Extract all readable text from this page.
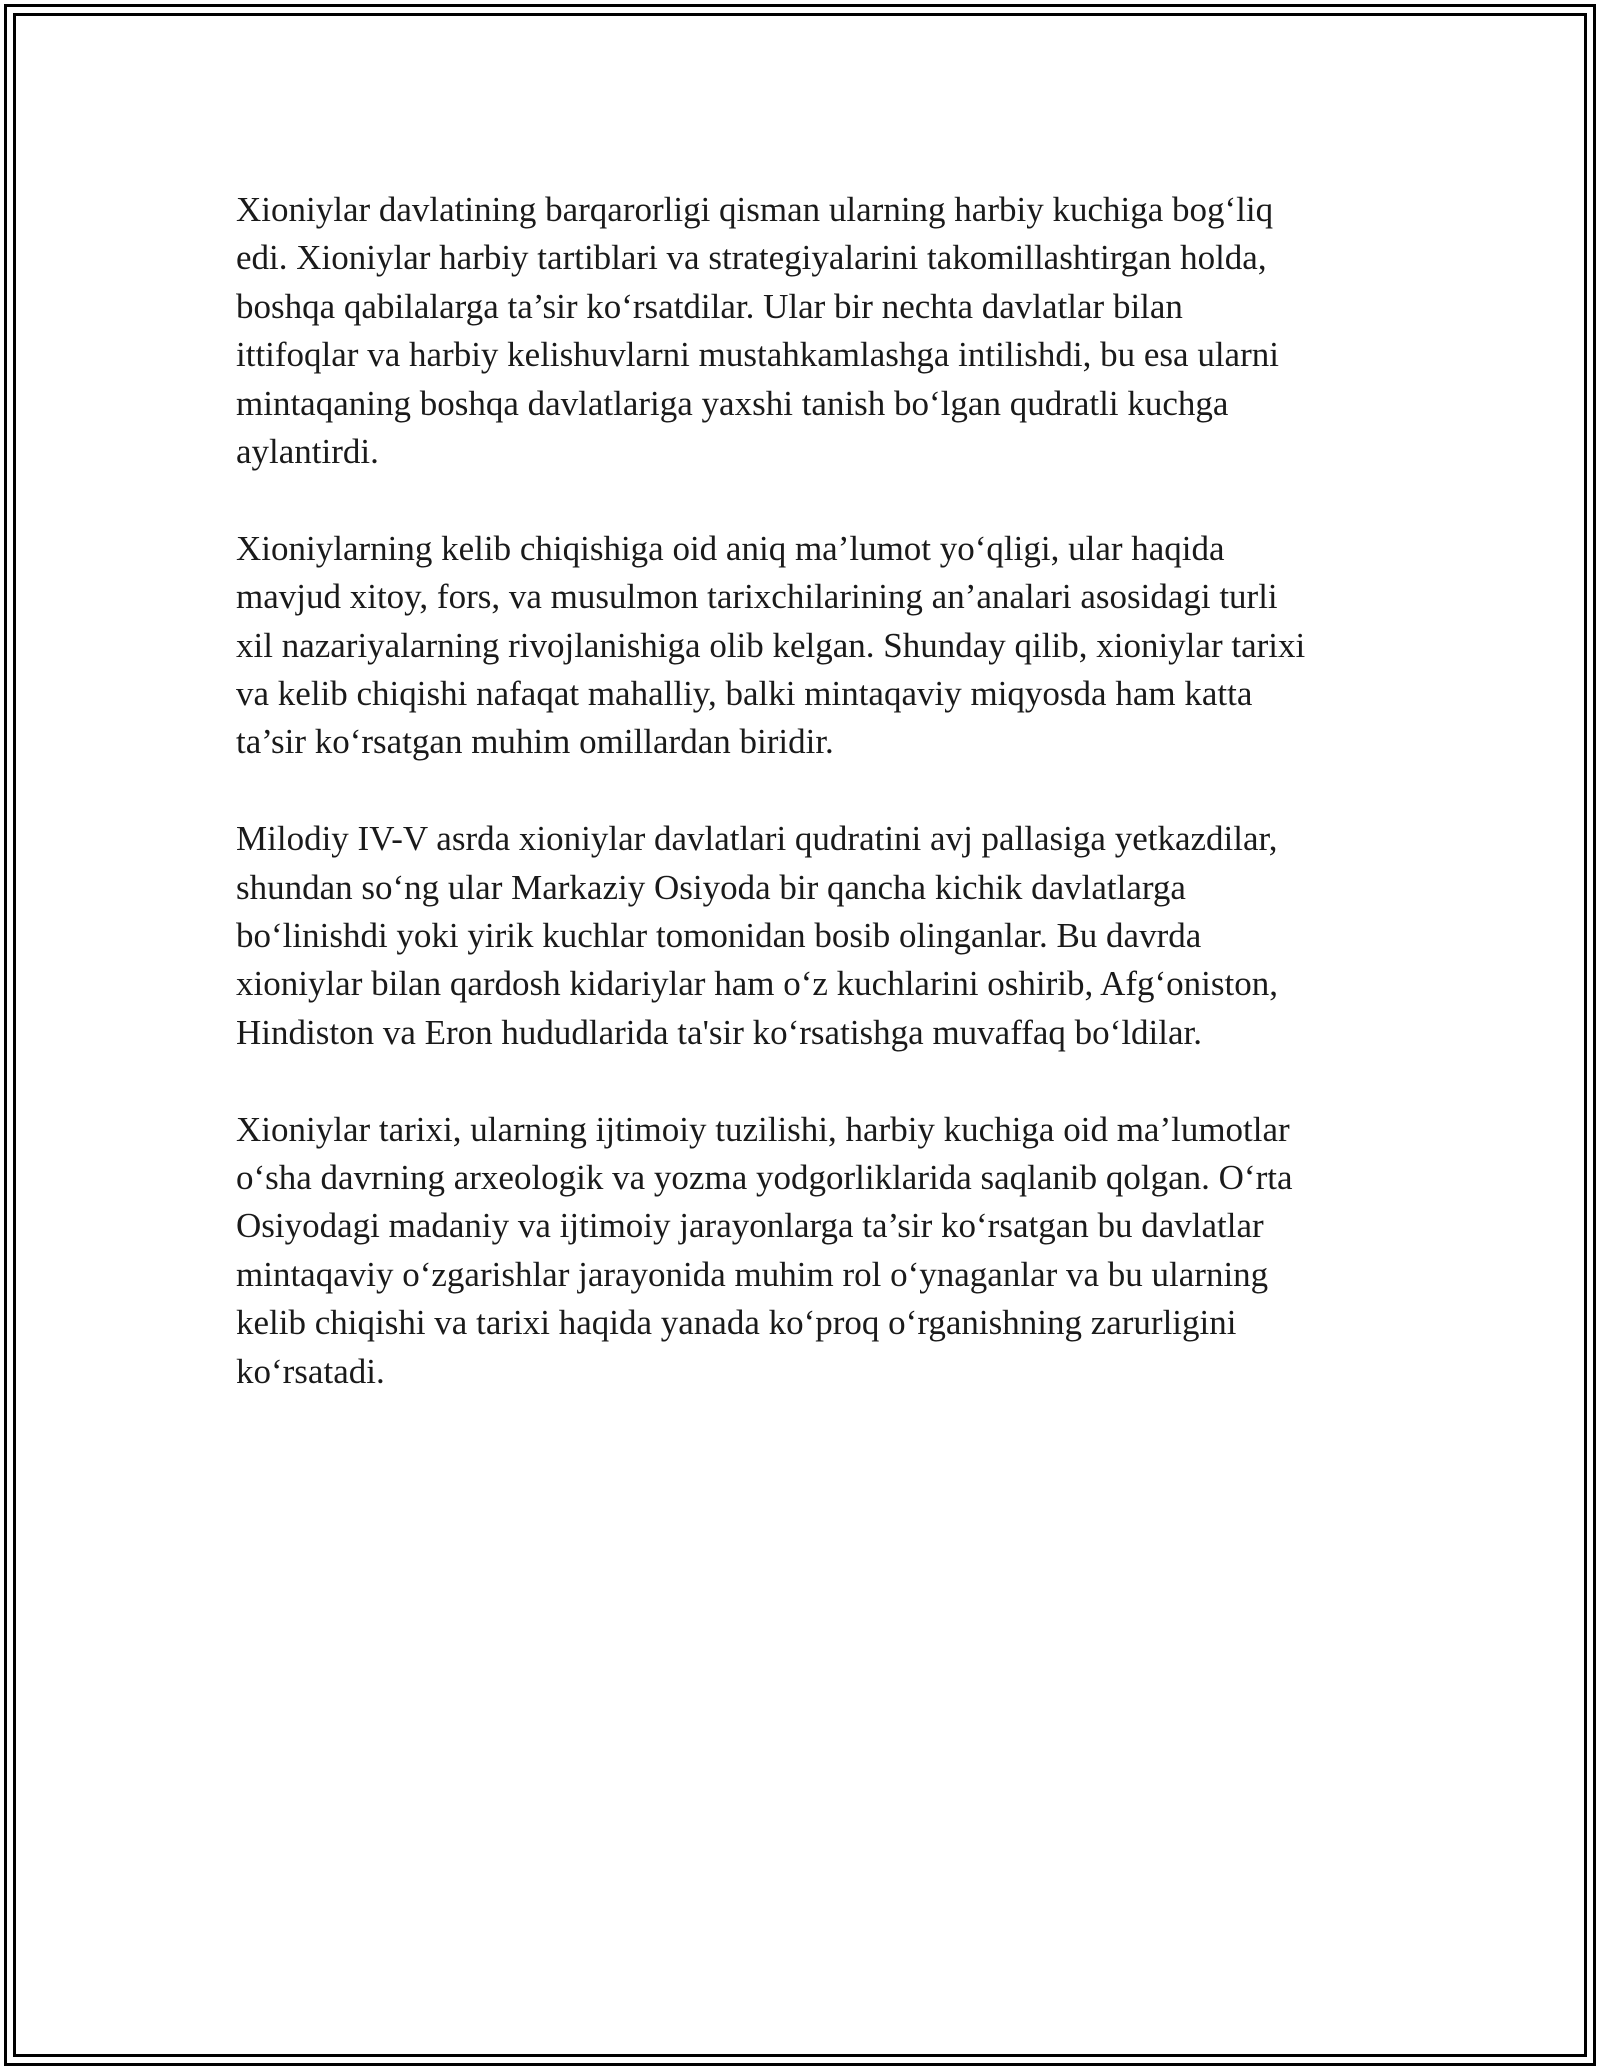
Xioniylar davlatining barqarorligi qisman ularning harbiy kuchiga bog‘liq
edi. Xioniylar harbiy tartiblari va strategiyalarini takomillashtirgan holda,
boshqa qabilalarga ta’sir ko‘rsatdilar. Ular bir nechta davlatlar bilan
ittifoqlar va harbiy kelishuvlarni mustahkamlashga intilishdi, bu esa ularni
mintaqaning boshqa davlatlariga yaxshi tanish bo‘lgan qudratli kuchga
aylantirdi.

Xioniylarning kelib chiqishiga oid aniq ma’lumot yo‘qligi, ular haqida
mavjud xitoy, fors, va musulmon tarixchilarining an’analari asosidagi turli
xil nazariyalarning rivojlanishiga olib kelgan. Shunday qilib, xioniylar tarixi
va kelib chiqishi nafaqat mahalliy, balki mintaqaviy miqyosda ham katta
ta’sir ko‘rsatgan muhim omillardan biridir.

Milodiy IV-V asrda xioniylar davlatlari qudratini avj pallasiga yetkazdilar,
shundan so‘ng ular Markaziy Osiyoda bir qancha kichik davlatlarga
bo‘linishdi yoki yirik kuchlar tomonidan bosib olinganlar. Bu davrda
xioniylar bilan qardosh kidariylar ham o‘z kuchlarini oshirib, Afg‘oniston,
Hindiston va Eron hududlarida ta'sir ko‘rsatishga muvaffaq bo‘ldilar.

Xioniylar tarixi, ularning ijtimoiy tuzilishi, harbiy kuchiga oid ma’lumotlar
o‘sha davrning arxeologik va yozma yodgorliklarida saqlanib qolgan. O‘rta
Osiyodagi madaniy va ijtimoiy jarayonlarga ta’sir ko‘rsatgan bu davlatlar
mintaqaviy o‘zgarishlar jarayonida muhim rol o‘ynaganlar va bu ularning
kelib chiqishi va tarixi haqida yanada ko‘proq o‘rganishning zarurligini
ko‘rsatadi.
